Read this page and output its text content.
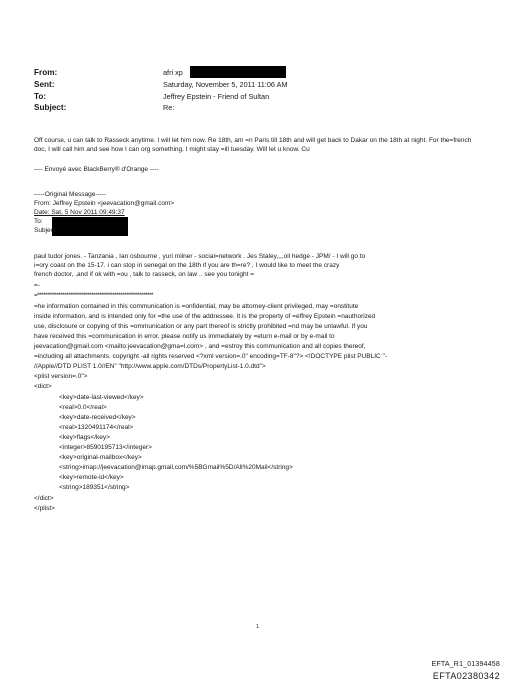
From:	afri xp
Sent:	Saturday, November 5, 2011 11:06 AM
To:	Jeffrey Epstein - Friend of Sultan
Subject:	Re:
Off course, u can talk to Rasseck anytime. I will let him now. Re 18th, am =n Paris till 18th and will get back to Dakar on the 18th at night. For the=french doc, I will call him and see how I can org something. I might stay =ill tuesday. Will let u know. Cu
---- Envoyé avec BlackBerry® d'Orange ----
-----Original Message-----
From: Jeffrey Epstein <jeevacation@gmail.com>
Date: Sat, 5 Nov 2011 09:49:37
To:
Subject:
paul tudor jones. - Tanzania , Ian osbourne , yuri milner - social=network . Jes Staley,,,,oil hedge - JPM/ - I will go to
i=ory coast on the 15-17. i can stop in senegal on the 18th if you are th=re? , I would like to meet the crazy
french doctor, ,and if ok with =ou , talk to rasseck, on law .. see you tonight =
=-
=************************************************************
=he information contained in this communication is =onfidential, may be attorney-client privileged, may =onstitute
inside information, and is intended only for =the use of the addressee. It is the property of =effrey Epstein =nauthorized
use, disclosure or copying of this =ommunication or any part thereof is strictly prohibited =nd may be unlawful. If you
have received this =communication in error, please notify us immediately by =eturn e-mail or by e-mail to
jeevacation@gmail.com <mailto:jeevacation@gma=l.com> , and =estroy this communication and all copies thereof,
=including all attachments. copyright -all rights reserved <?xml version=.0" encoding=TF-8"?> <!DOCTYPE plist PUBLIC "-
//Apple//DTD PLIST 1.0//EN" "http://www.apple.com/DTDs/PropertyList-1.0.dtd">
<plist version=.0">
<dict>
<key>date-last-viewed</key>
<real>0.0</real>
<key>date-received</key>
<real>1320491174</real>
<key>flags</key>
<integer>8590195713</integer>
<key>original-mailbox</key>
<string>imap://jeevacation@imap.gmail.com/%5BGmail%5D/All%20Mail</string>
<key>remote-id</key>
<string>189351</string>
</dict>
</plist>
1
EFTA_R1_01394458
EFTA02380342
